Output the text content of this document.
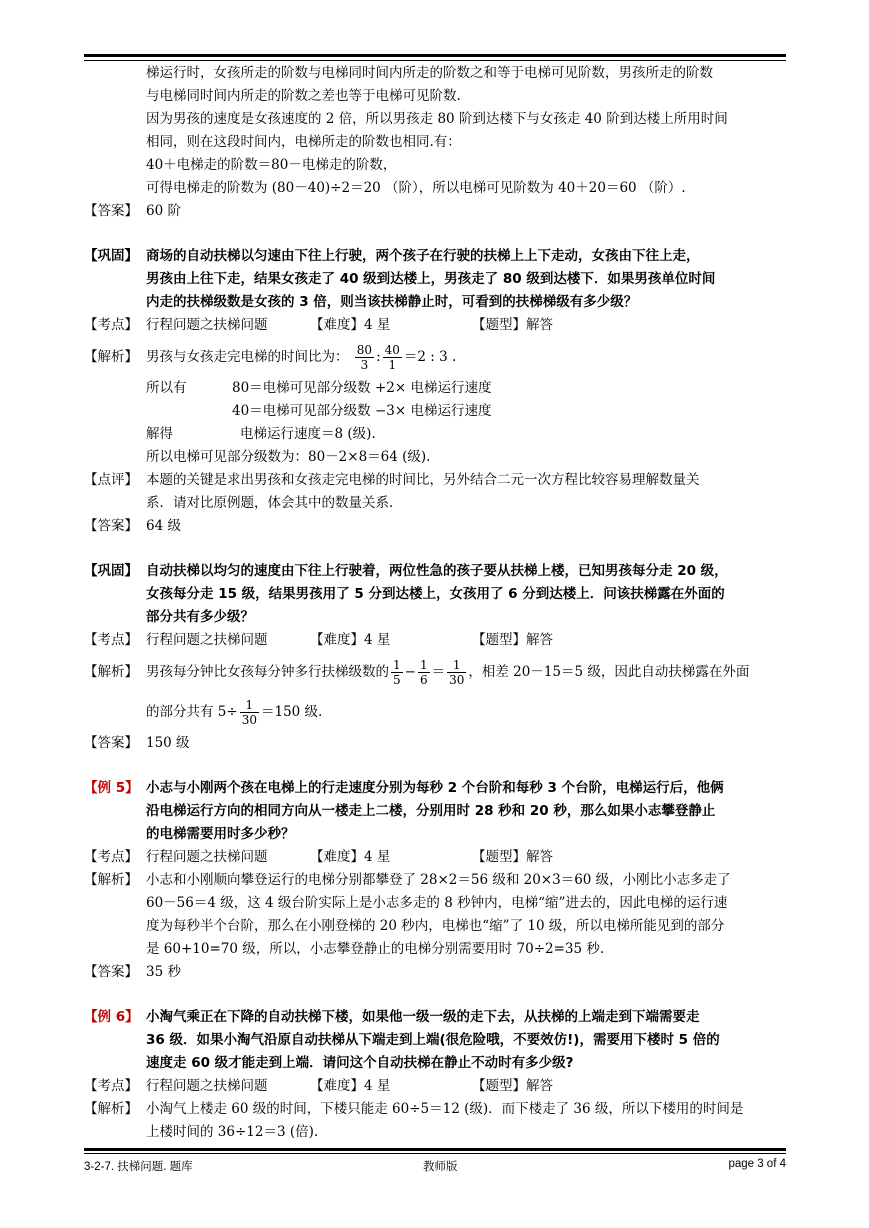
梯运行时，女孩所走的阶数与电梯同时间内所走的阶数之和等于电梯可见阶数，男孩所走的阶数
与电梯同时间内所走的阶数之差也等于电梯可见阶数.
因为男孩的速度是女孩速度的 2 倍，所以男孩走 80 阶到达楼下与女孩走 40 阶到达楼上所用时间
相同，则在这段时间内，电梯所走的阶数也相同.有：
40＋电梯走的阶数＝80－电梯走的阶数，
可得电梯走的阶数为 (80－40)÷2＝20 （阶），所以电梯可见阶数为 40＋20＝60 （阶）.
【答案】 60 阶
【巩固】 商场的自动扶梯以匀速由下往上行驶，两个孩子在行驶的扶梯上上下走动，女孩由下往上走，
男孩由上往下走，结果女孩走了 40 级到达楼上，男孩走了 80 级到达楼下．如果男孩单位时间
内走的扶梯级数是女孩的 3 倍，则当该扶梯静止时，可看到的扶梯梯级有多少级？
【考点】 行程问题之扶梯问题	【难度】4 星	【题型】解答
【解析】 男孩与女孩走完电梯的时间比为： $\frac{80}{3}$ : $\frac{40}{1} =2$ : 3 .
所以有	80＝电梯可见部分级数 +2× 电梯运行速度
40＝电梯可见部分级数 −3× 电梯运行速度
解得	电梯运行速度＝8 (级).
所以电梯可见部分级数为：80－2×8＝64 (级).
【点评】 本题的关键是求出男孩和女孩走完电梯的时间比，另外结合二元一次方程比较容易理解数量关
系．请对比原例题，体会其中的数量关系．
【答案】 64 级
【巩固】 自动扶梯以均匀的速度由下往上行驶着，两位性急的孩子要从扶梯上楼，已知男孩每分走 20 级，
女孩每分走 15 级，结果男孩用了 5 分到达楼上，女孩用了 6 分到达楼上．问该扶梯露在外面的
部分共有多少级？
【考点】 行程问题之扶梯问题	【难度】4 星	【题型】解答
【解析】 男孩每分钟比女孩每分钟多行扶梯级数的 $\frac{1}{5} - \frac{1}{6} = \frac{1}{30}$ ，相差 20－15＝5 级，因此自动扶梯露在外面
的部分共有 $5\div \frac{1}{30} =150$ 级.
【答案】 150 级
【例 5】 小志与小刚两个孩在电梯上的行走速度分别为每秒 2 个台阶和每秒 3 个台阶，电梯运行后，他俩
沿电梯运行方向的相同方向从一楼走上二楼，分别用时 28 秒和 20 秒，那么如果小志攀登静止
的电梯需要用时多少秒？
【考点】 行程问题之扶梯问题	【难度】4 星	【题型】解答
【解析】 小志和小刚顺向攀登运行的电梯分别都攀登了 28×2＝56 级和 20×3＝60 级，小刚比小志多走了
60－56＝4 级，这 4 级台阶实际上是小志多走的 8 秒钟内，电梯“缩”进去的，因此电梯的运行速
度为每秒半个台阶，那么在小刚登梯的 20 秒内，电梯也“缩”了 10 级，所以电梯所能见到的部分
是 60+10=70 级，所以，小志攀登静止的电梯分别需要用时 70÷2=35 秒.
【答案】 35 秒
【例 6】 小淘气乘正在下降的自动扶梯下楼，如果他一级一级的走下去，从扶梯的上端走到下端需要走
36 级．如果小淘气沿原自动扶梯从下端走到上端(很危险哦，不要效仿!)，需要用下楼时 5 倍的
速度走 60 级才能走到上端．请问这个自动扶梯在静止不动时有多少级?
【考点】 行程问题之扶梯问题	【难度】4 星	【题型】解答
【解析】 小淘气上楼走 60 级的时间，下楼只能走 60÷5＝12 (级)．而下楼走了 36 级，所以下楼用的时间是
上楼时间的 36÷12＝3 (倍).
3-2-7. 扶梯问题. 题库	教师版	page 3 of 4
